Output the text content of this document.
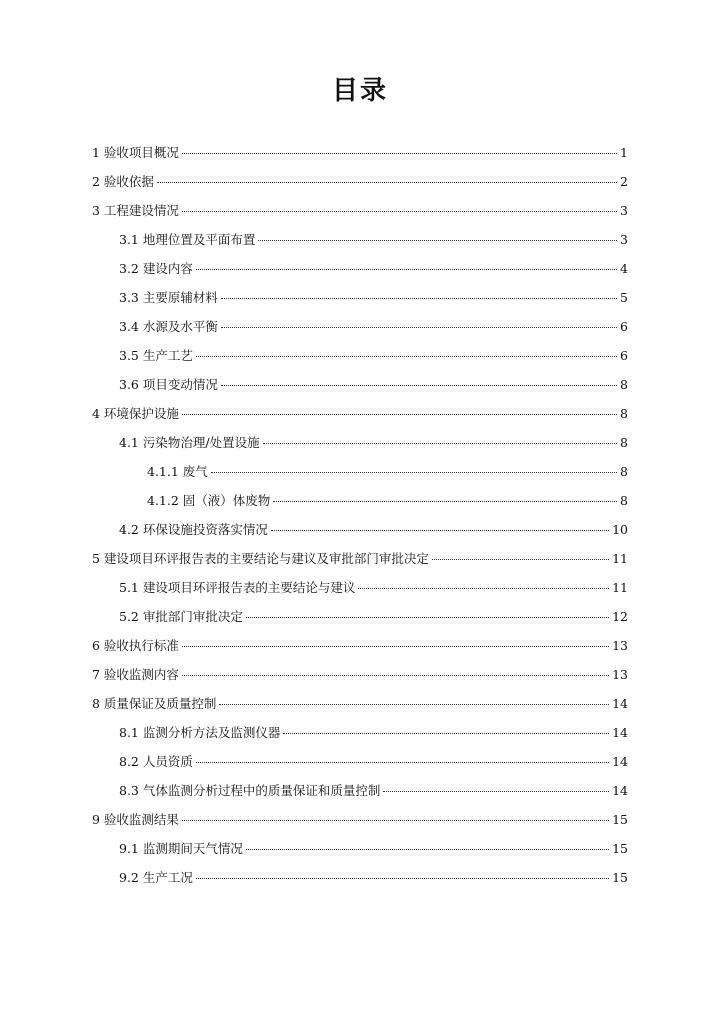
目录
1 验收项目概况	1
2 验收依据	2
3 工程建设情况	3
3.1 地理位置及平面布置	3
3.2 建设内容	4
3.3 主要原辅材料	5
3.4 水源及水平衡	6
3.5 生产工艺	6
3.6 项目变动情况	8
4 环境保护设施	8
4.1 污染物治理/处置设施	8
4.1.1 废气	8
4.1.2 固（液）体废物	8
4.2 环保设施投资落实情况	10
5 建设项目环评报告表的主要结论与建议及审批部门审批决定	11
5.1 建设项目环评报告表的主要结论与建议	11
5.2 审批部门审批决定	12
6 验收执行标准	13
7 验收监测内容	13
8 质量保证及质量控制	14
8.1 监测分析方法及监测仪器	14
8.2 人员资质	14
8.3 气体监测分析过程中的质量保证和质量控制	14
9 验收监测结果	15
9.1 监测期间天气情况	15
9.2 生产工况	15
